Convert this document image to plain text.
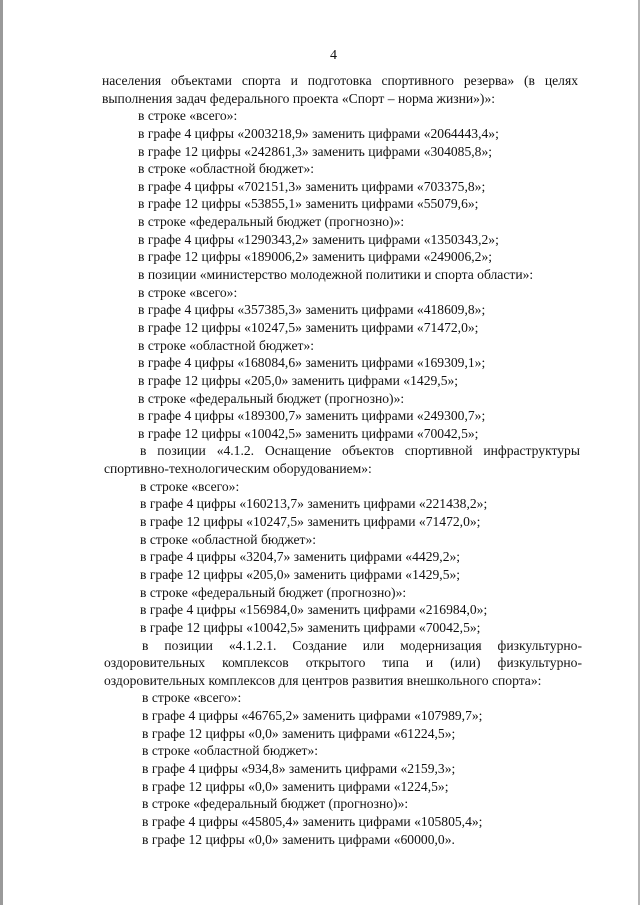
4
населения объектами спорта и подготовка спортивного резерва» (в целях
выполнения задач федерального проекта «Спорт – норма жизни»)»:
в строке «всего»:
в графе 4 цифры «2003218,9» заменить цифрами «2064443,4»;
в графе 12 цифры «242861,3» заменить цифрами «304085,8»;
в строке «областной бюджет»:
в графе 4 цифры «702151,3» заменить цифрами «703375,8»;
в графе 12 цифры «53855,1» заменить цифрами «55079,6»;
в строке «федеральный бюджет (прогнозно)»:
в графе 4 цифры «1290343,2» заменить цифрами «1350343,2»;
в графе 12 цифры «189006,2» заменить цифрами «249006,2»;
в позиции «министерство молодежной политики и спорта области»:
в строке «всего»:
в графе 4 цифры «357385,3» заменить цифрами «418609,8»;
в графе 12 цифры «10247,5» заменить цифрами «71472,0»;
в строке «областной бюджет»:
в графе 4 цифры «168084,6» заменить цифрами «169309,1»;
в графе 12 цифры «205,0» заменить цифрами «1429,5»;
в строке «федеральный бюджет (прогнозно)»:
в графе 4 цифры «189300,7» заменить цифрами «249300,7»;
в графе 12 цифры «10042,5» заменить цифрами «70042,5»;
в позиции «4.1.2. Оснащение объектов спортивной инфраструктуры
спортивно-технологическим оборудованием»:
в строке «всего»:
в графе 4 цифры «160213,7» заменить цифрами «221438,2»;
в графе 12 цифры «10247,5» заменить цифрами «71472,0»;
в строке «областной бюджет»:
в графе 4 цифры «3204,7» заменить цифрами «4429,2»;
в графе 12 цифры «205,0» заменить цифрами «1429,5»;
в строке «федеральный бюджет (прогнозно)»:
в графе 4 цифры «156984,0» заменить цифрами «216984,0»;
в графе 12 цифры «10042,5» заменить цифрами «70042,5»;
в позиции «4.1.2.1. Создание или модернизация физкультурно-
оздоровительных комплексов открытого типа и (или) физкультурно-
оздоровительных комплексов для центров развития внешкольного спорта»:
в строке «всего»:
в графе 4 цифры «46765,2» заменить цифрами «107989,7»;
в графе 12 цифры «0,0» заменить цифрами «61224,5»;
в строке «областной бюджет»:
в графе 4 цифры «934,8» заменить цифрами «2159,3»;
в графе 12 цифры «0,0» заменить цифрами «1224,5»;
в строке «федеральный бюджет (прогнозно)»:
в графе 4 цифры «45805,4» заменить цифрами «105805,4»;
в графе 12 цифры «0,0» заменить цифрами «60000,0».
